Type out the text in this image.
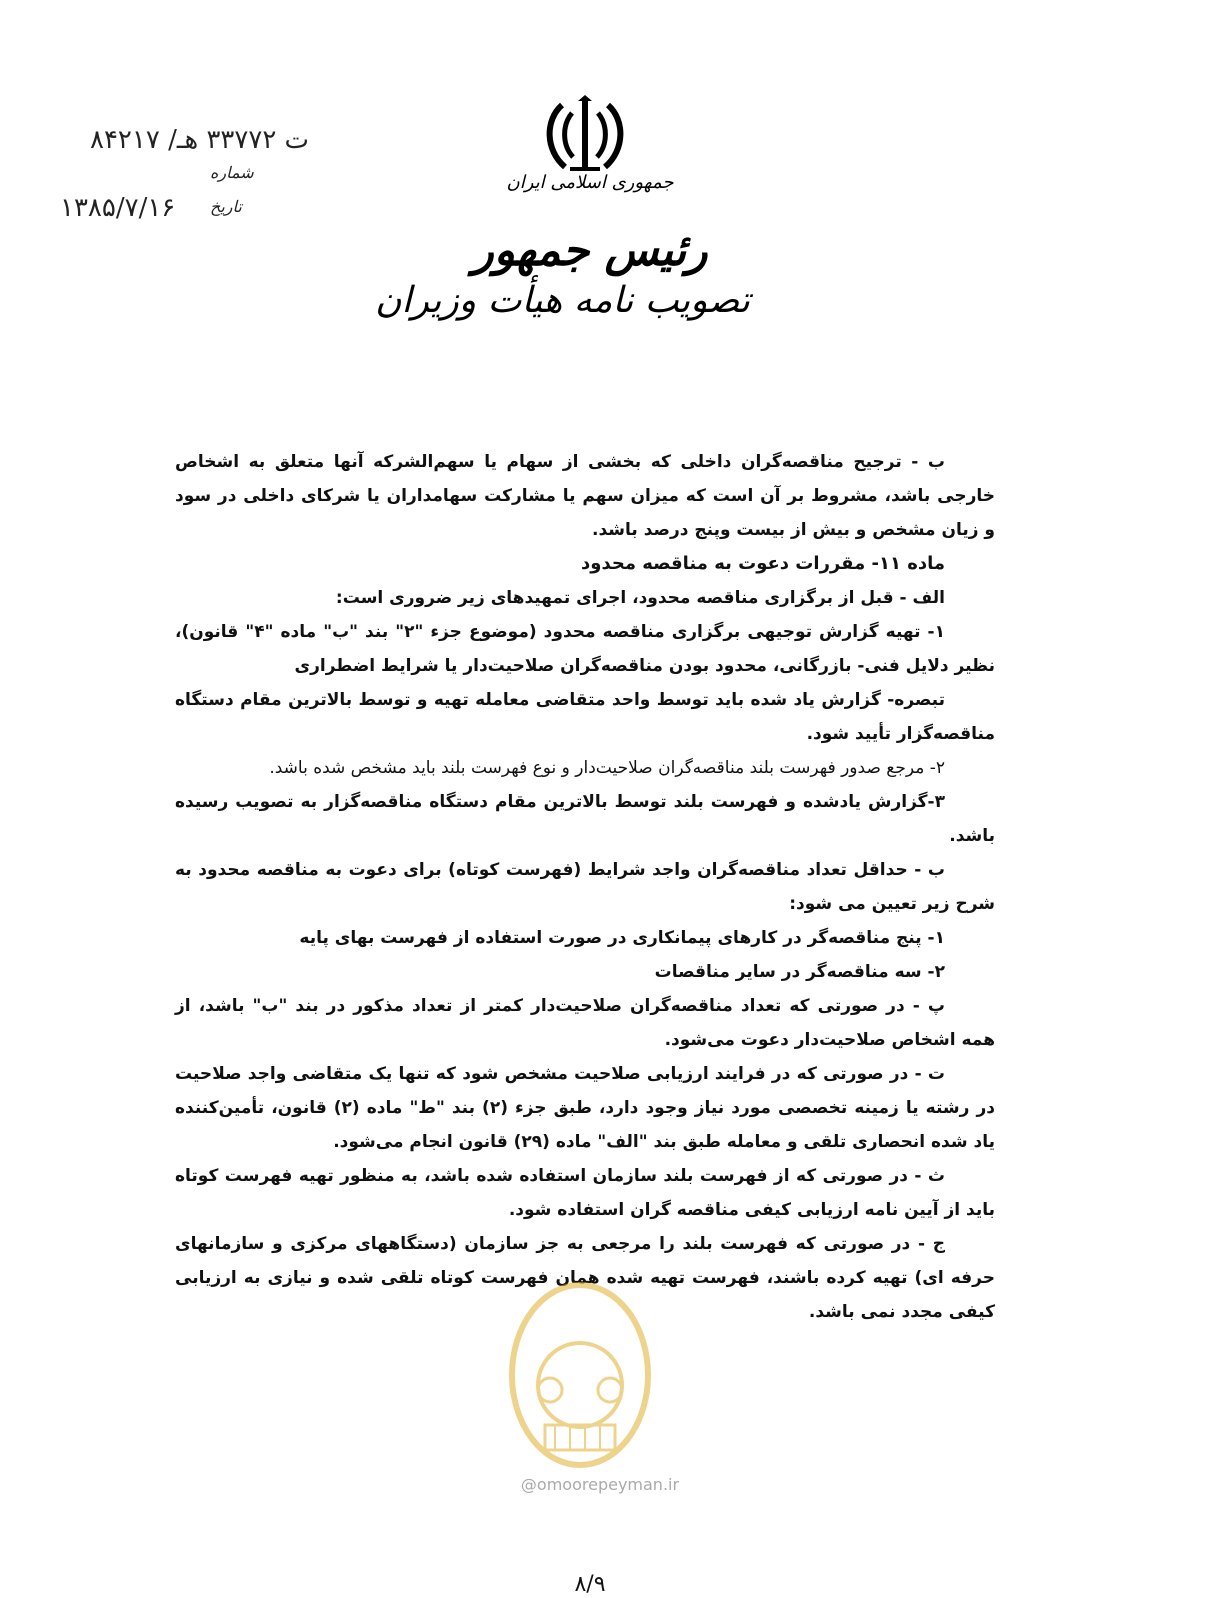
جمهوری اسلامی ایران
رئیس جمهور
تصویب نامه هیأت وزیران
۸۴۲۱۷ /ت ۳۳۷۷۲ هـ
شماره
۱۳۸۵/۷/۱۶ تاریخ

ب - ترجیح مناقصه‌گران داخلی که بخشی از سهام یا سهم‌الشرکه آنها متعلق به اشخاص خارجی باشد، مشروط بر آن است که میزان سهم یا مشارکت سهامداران یا شرکای داخلی در سود و زیان مشخص و بیش از بیست وپنج درصد باشد.

ماده ۱۱- مقررات دعوت به مناقصه محدود

الف - قبل از برگزاری مناقصه محدود، اجرای تمهیدهای زیر ضروری است:

۱- تهیه گزارش توجیهی برگزاری مناقصه محدود (موضوع جزء "۲" بند "ب" ماده "۴" قانون)، نظیر دلایل فنی- بازرگانی، محدود بودن مناقصه‌گران صلاحیت‌دار یا شرایط اضطراری

تبصره- گزارش یاد شده باید توسط واحد متقاضی معامله تهیه و توسط بالاترین مقام دستگاه مناقصه‌گزار تأیید شود.

۲- مرجع صدور فهرست بلند مناقصه‌گران صلاحیت‌دار و نوع فهرست بلند باید مشخص شده باشد.

۳-گزارش یادشده و فهرست بلند توسط بالاترین مقام دستگاه مناقصه‌گزار به تصویب رسیده باشد.

ب - حداقل تعداد مناقصه‌گران واجد شرایط (فهرست کوتاه) برای دعوت به مناقصه محدود به شرح زیر تعیین می شود:

۱- پنج مناقصه‌گر در کارهای پیمانکاری در صورت استفاده از فهرست بهای پایه

۲- سه مناقصه‌گر در سایر مناقصات

پ - در صورتی که تعداد مناقصه‌گران صلاحیت‌دار کمتر از تعداد مذکور در بند "ب" باشد، از همه اشخاص صلاحیت‌دار دعوت می‌شود.

ت - در صورتی که در فرایند ارزیابی صلاحیت مشخص شود که تنها یک متقاضی واجد صلاحیت در رشته یا زمینه تخصصی مورد نیاز وجود دارد، طبق جزء (۲) بند "ط" ماده (۲) قانون، تأمین‌کننده یاد شده انحصاری تلقی و معامله طبق بند "الف" ماده (۲۹) قانون انجام می‌شود.

ث - در صورتی که از فهرست بلند سازمان استفاده شده باشد، به منظور تهیه فهرست کوتاه باید از آیین نامه ارزیابی کیفی مناقصه گران استفاده شود.

ج - در صورتی که فهرست بلند را مرجعی به جز سازمان (دستگاههای مرکزی و سازمانهای حرفه ای) تهیه کرده باشند، فهرست تهیه شده همان فهرست کوتاه تلقی شده و نیازی به ارزیابی کیفی مجدد نمی باشد.

@omoorepeyman.ir
۸/۹
